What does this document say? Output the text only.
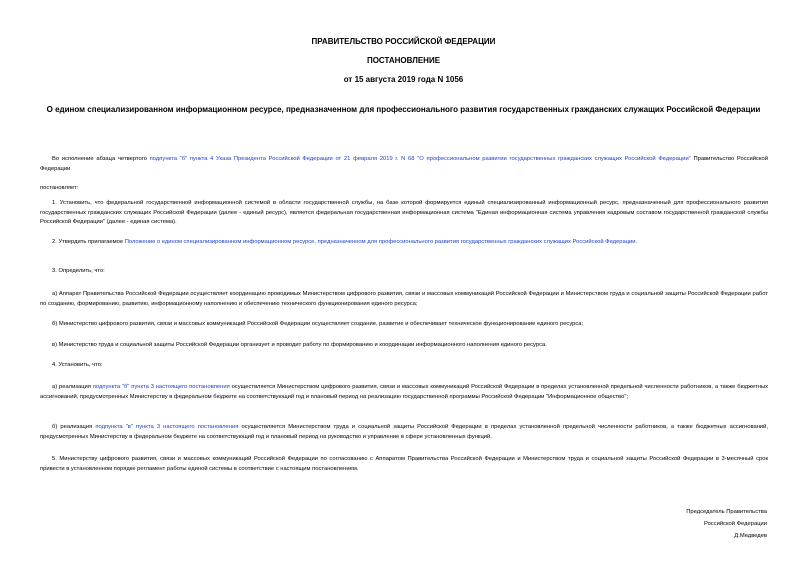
ПРАВИТЕЛЬСТВО РОССИЙСКОЙ ФЕДЕРАЦИИ
ПОСТАНОВЛЕНИЕ
от 15 августа 2019 года N 1056
О едином специализированном информационном ресурсе, предназначенном для профессионального развития государственных гражданских служащих Российской Федерации
Во исполнение абзаца четвертого подпункта "б" пункта 4 Указа Президента Российской Федерации от 21 февраля 2019 г. N 68 "О профессиональном развитии государственных гражданских служащих Российской Федерации" Правительство Российской Федерации
постановляет:
1. Установить, что федеральной государственной информационной системой в области государственной службы, на базе которой формируется единый специализированный информационный ресурс, предназначенный для профессионального развития государственных гражданских служащих Российской Федерации (далее - единый ресурс), является федеральная государственная информационная система "Единая информационная система управления кадровым составом государственной гражданской службы Российской Федерации" (далее - единая система).
2. Утвердить прилагаемое Положение о едином специализированном информационном ресурсе, предназначенном для профессионального развития государственных гражданских служащих Российской Федерации.
3. Определить, что:
а) Аппарат Правительства Российской Федерации осуществляет координацию проводимых Министерством цифрового развития, связи и массовых коммуникаций Российской Федерации и Министерством труда и социальной защиты Российской Федерации работ по созданию, формированию, развитию, информационному наполнению и обеспечению технического функционирования единого ресурса;
б) Министерство цифрового развития, связи и массовых коммуникаций Российской Федерации осуществляет создание, развитие и обеспечивает техническое функционирование единого ресурса;
в) Министерство труда и социальной защиты Российской Федерации организует и проводит работу по формированию и координации информационного наполнения единого ресурса.
4. Установить, что:
а) реализация подпункта "б" пункта 3 настоящего постановления осуществляется Министерством цифрового развития, связи и массовых коммуникаций Российской Федерации в пределах установленной предельной численности работников, а также бюджетных ассигнований, предусмотренных Министерству в федеральном бюджете на соответствующий год и плановый период на реализацию государственной программы Российской Федерации "Информационное общество";
б) реализация подпункта "в" пункта 3 настоящего постановления осуществляется Министерством труда и социальной защиты Российской Федерации в пределах установленной предельной численности работников, а также бюджетных ассигнований, предусмотренных Министерству в федеральном бюджете на соответствующий год и плановый период на руководство и управление в сфере установленных функций.
5. Министерству цифрового развития, связи и массовых коммуникаций Российской Федерации по согласованию с Аппаратом Правительства Российской Федерации и Министерством труда и социальной защиты Российской Федерации в 3-месячный срок привести в установленном порядке регламент работы единой системы в соответствие с настоящим постановлением.
Председатель Правительства
Российской Федерации
Д.Медведев
